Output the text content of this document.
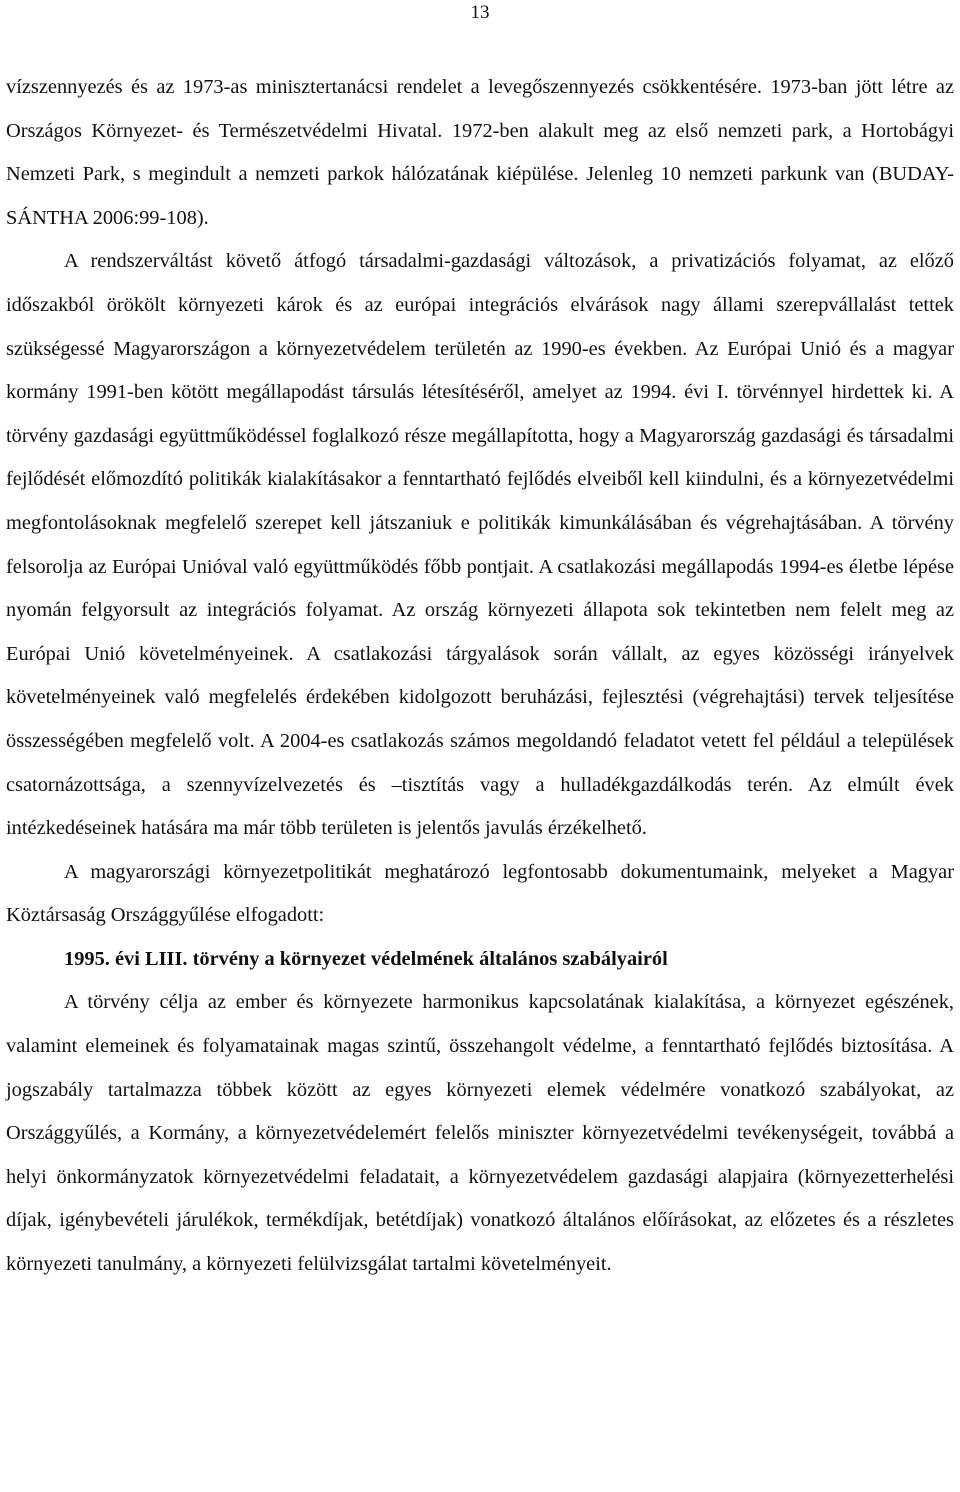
13

vízszennyezés és az 1973-as minisztertanácsi rendelet a levegőszennyezés csökkentésére. 1973-ban jött létre az Országos Környezet- és Természetvédelmi Hivatal. 1972-ben alakult meg az első nemzeti park, a Hortobágyi Nemzeti Park, s megindult a nemzeti parkok hálózatának kiépülése. Jelenleg 10 nemzeti parkunk van (BUDAY-SÁNTHA 2006:99-108).

A rendszerváltást követő átfogó társadalmi-gazdasági változások, a privatizációs folyamat, az előző időszakból örökölt környezeti károk és az európai integrációs elvárások nagy állami szerepvállalást tettek szükségessé Magyarországon a környezetvédelem területén az 1990-es években. Az Európai Unió és a magyar kormány 1991-ben kötött megállapodást társulás létesítéséről, amelyet az 1994. évi I. törvénnyel hirdettek ki. A törvény gazdasági együttműködéssel foglalkozó része megállapította, hogy a Magyarország gazdasági és társadalmi fejlődését előmozdító politikák kialakításakor a fenntartható fejlődés elveiből kell kiindulni, és a környezetvédelmi megfontolásoknak megfelelő szerepet kell játszaniuk e politikák kimunkálásában és végrehajtásában. A törvény felsorolja az Európai Unióval való együttműködés főbb pontjait. A csatlakozási megállapodás 1994-es életbe lépése nyomán felgyorsult az integrációs folyamat. Az ország környezeti állapota sok tekintetben nem felelt meg az Európai Unió követelményeinek. A csatlakozási tárgyalások során vállalt, az egyes közösségi irányelvek követelményeinek való megfelelés érdekében kidolgozott beruházási, fejlesztési (végrehajtási) tervek teljesítése összességében megfelelő volt. A 2004-es csatlakozás számos megoldandó feladatot vetett fel például a települések csatornázottsága, a szennyvízelvezetés és –tisztítás vagy a hulladékgazdálkodás terén. Az elmúlt évek intézkedéseinek hatására ma már több területen is jelentős javulás érzékelhető.

A magyarországi környezetpolitikát meghatározó legfontosabb dokumentumaink, melyeket a Magyar Köztársaság Országgyűlése elfogadott:

1995. évi LIII. törvény a környezet védelmének általános szabályairól

A törvény célja az ember és környezete harmonikus kapcsolatának kialakítása, a környezet egészének, valamint elemeinek és folyamatainak magas szintű, összehangolt védelme, a fenntartható fejlődés biztosítása. A jogszabály tartalmazza többek között az egyes környezeti elemek védelmére vonatkozó szabályokat, az Országgyűlés, a Kormány, a környezetvédelemért felelős miniszter környezetvédelmi tevékenységeit, továbbá a helyi önkormányzatok környezetvédelmi feladatait, a környezetvédelem gazdasági alapjaira (környezetterhelési díjak, igénybevételi járulékok, termékdíjak, betétdíjak) vonatkozó általános előírásokat, az előzetes és a részletes környezeti tanulmány, a környezeti felülvizsgálat tartalmi követelményeit.
